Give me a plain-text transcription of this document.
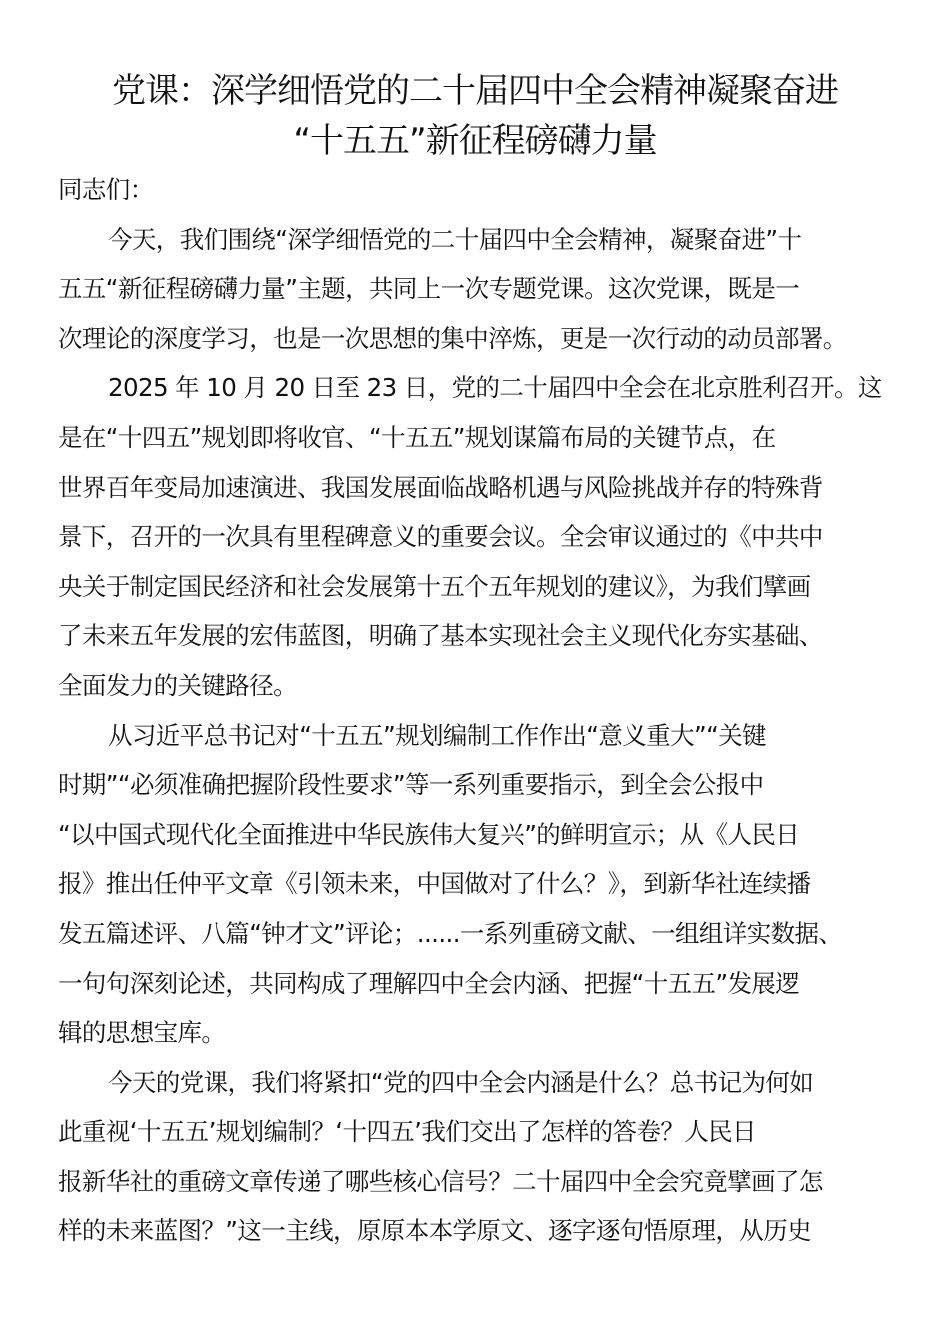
党课：深学细悟党的二十届四中全会精神凝聚奋进
“十五五”新征程磅礴力量
同志们：
今天，我们围绕“深学细悟党的二十届四中全会精神，凝聚奋进”十
五五“新征程磅礴力量”主题，共同上一次专题党课。这次党课，既是一
次理论的深度学习，也是一次思想的集中淬炼，更是一次行动的动员部署。
2025 年 10 月 20 日至 23 日，党的二十届四中全会在北京胜利召开。这
是在“十四五”规划即将收官、“十五五”规划谋篇布局的关键节点，在
世界百年变局加速演进、我国发展面临战略机遇与风险挑战并存的特殊背
景下，召开的一次具有里程碑意义的重要会议。全会审议通过的《中共中
央关于制定国民经济和社会发展第十五个五年规划的建议》，为我们擘画
了未来五年发展的宏伟蓝图，明确了基本实现社会主义现代化夯实基础、
全面发力的关键路径。
从习近平总书记对“十五五”规划编制工作作出“意义重大”“关键
时期”“必须准确把握阶段性要求”等一系列重要指示，到全会公报中
“以中国式现代化全面推进中华民族伟大复兴”的鲜明宣示；从《人民日
报》推出任仲平文章《引领未来，中国做对了什么？》，到新华社连续播
发五篇述评、八篇“钟才文”评论；......一系列重磅文献、一组组详实数据、
一句句深刻论述，共同构成了理解四中全会内涵、把握“十五五”发展逻
辑的思想宝库。
今天的党课，我们将紧扣“党的四中全会内涵是什么？总书记为何如
此重视‘十五五’规划编制？‘十四五’我们交出了怎样的答卷？人民日
报新华社的重磅文章传递了哪些核心信号？二十届四中全会究竟擘画了怎
样的未来蓝图？”这一主线，原原本本学原文、逐字逐句悟原理，从历史
